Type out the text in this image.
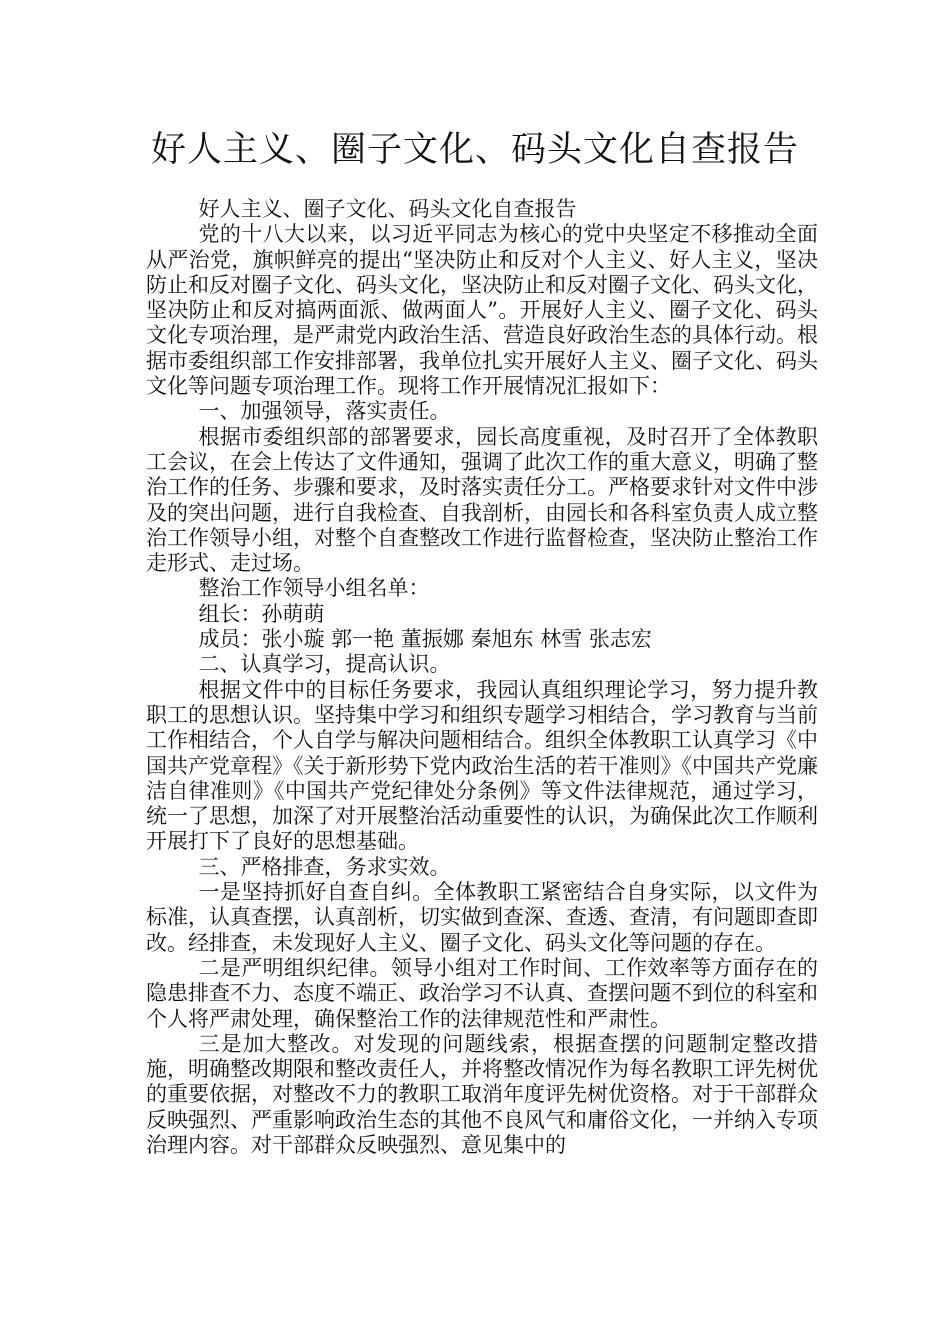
好人主义、圈子文化、码头文化自查报告

好人主义、圈子文化、码头文化自查报告

党的十八大以来，以习近平同志为核心的党中央坚定不移推动全面从严治党，旗帜鲜亮的提出“坚决防止和反对个人主义、好人主义，坚决防止和反对圈子文化、码头文化，坚决防止和反对圈子文化、码头文化，坚决防止和反对搞两面派、做两面人”。开展好人主义、圈子文化、码头文化专项治理，是严肃党内政治生活、营造良好政治生态的具体行动。根据市委组织部工作安排部署，我单位扎实开展好人主义、圈子文化、码头文化等问题专项治理工作。现将工作开展情况汇报如下：

一、加强领导，落实责任。

根据市委组织部的部署要求，园长高度重视，及时召开了全体教职工会议，在会上传达了文件通知，强调了此次工作的重大意义，明确了整治工作的任务、步骤和要求，及时落实责任分工。严格要求针对文件中涉及的突出问题，进行自我检查、自我剖析，由园长和各科室负责人成立整治工作领导小组，对整个自查整改工作进行监督检查，坚决防止整治工作走形式、走过场。

整治工作领导小组名单：

组长：孙萌萌

成员：张小璇 郭一艳 董振娜 秦旭东 林雪 张志宏

二、认真学习，提高认识。

根据文件中的目标任务要求，我园认真组织理论学习，努力提升教职工的思想认识。坚持集中学习和组织专题学习相结合，学习教育与当前工作相结合，个人自学与解决问题相结合。组织全体教职工认真学习《中国共产党章程》《关于新形势下党内政治生活的若干准则》《中国共产党廉洁自律准则》《中国共产党纪律处分条例》等文件法律规范，通过学习，统一了思想，加深了对开展整治活动重要性的认识，为确保此次工作顺利开展打下了良好的思想基础。

三、严格排查，务求实效。

一是坚持抓好自查自纠。全体教职工紧密结合自身实际，以文件为标准，认真查摆，认真剖析，切实做到查深、查透、查清，有问题即查即改。经排查，未发现好人主义、圈子文化、码头文化等问题的存在。

二是严明组织纪律。领导小组对工作时间、工作效率等方面存在的隐患排查不力、态度不端正、政治学习不认真、查摆问题不到位的科室和个人将严肃处理，确保整治工作的法律规范性和严肃性。

三是加大整改。对发现的问题线索，根据查摆的问题制定整改措施，明确整改期限和整改责任人，并将整改情况作为每名教职工评先树优的重要依据，对整改不力的教职工取消年度评先树优资格。对于干部群众反映强烈、严重影响政治生态的其他不良风气和庸俗文化，一并纳入专项治理内容。对干部群众反映强烈、意见集中的
